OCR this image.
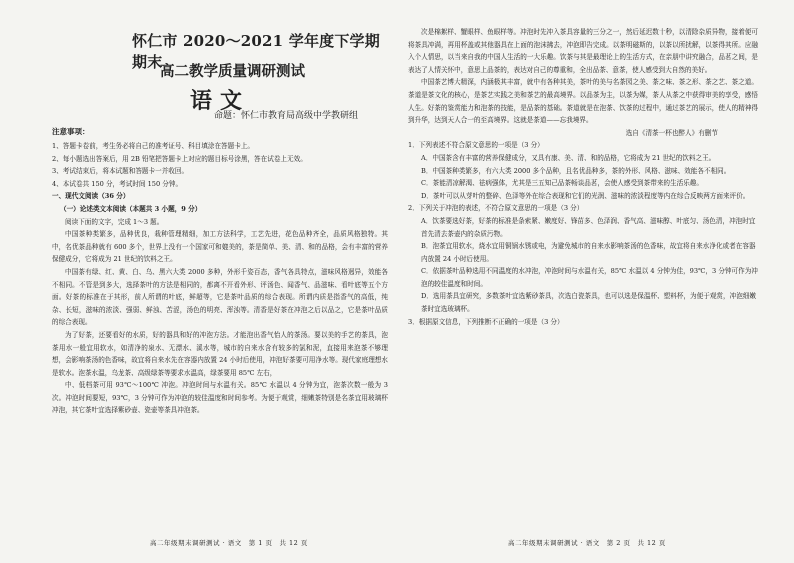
怀仁市 2020～2021 学年度下学期期末
高二教学质量调研测试
语文
命题：怀仁市教育局高级中学教研组
注意事项：

1、答题卡卷前，考生务必将自己的准考证号、科目填涂在答题卡上。

2、每小题选出答案后，用 2B 铅笔把答题卡上对应的题目标号涂黑，答在试卷上无效。

3、考试结束后，将本试题和答题卡一并收回。

4、本试卷共 150 分，考试时间 150 分钟。

一、现代文阅读（36 分）

（一）论述类文本阅读（本题共 3 小题，9 分）

阅读下面的文字，完成 1～3 题。

中国茶种类繁多，品种优良，栽种管理精细，加工方法科学，工艺先进，花色品种齐全，品质风格独特。其中，名优茶品种就有 600 多个，世界上没有一个国家可和媲美的，茶是简单、美、清、和的品格，会有丰富的营养保健成分，它将成为 21 世纪的饮料之王。

中国茶有绿、红、黄、白、乌、黑六大类 2000 多种，外形千姿百态，香气各具特点，滋味风格迥异，效能各不相同。不管是到多大，选择茶叶的方法是相同的，都离不开看外形、评汤色、闻香气、品滋味、看叶底等五个方面。好茶的标准在于其形，前人所谓的叶底，鲜超等，它是茶叶品质的综合表现。所谓内质是指香气的高低，纯杂、长短，滋味的浓淡、强弱、鲜浊、苦涩，汤色的明亮、浑浊等。清香是好茶在冲泡之后以品之，它是茶叶品质的综合表现。

为了好茶，还要看好的水质，好的器具和好的冲泡方法。才能泡出香气怡人的茶汤。要以美的手艺的茶具，泡茶用水一般宜用软水，如清净的泉水、无漂水、溪水等，城市的自来水含有较多的氯和泥，直接用来泡茶不够理想，会影响茶汤的色香味，故宜将自来水先在容器内放置 24 小时后使用，冲泡好茶要可用净水等。现代家庭理想水是软水。泡茶水温，乌龙茶、高级绿茶等要求水温高，绿茶要用 85℃ 左右，

中、低档茶可用 93℃～100℃ 冲泡。冲泡时间与水温有关。85℃ 水温以 4 分钟为宜，泡茶次数一般为 3 次。冲泡时间要短，93℃，3 分钟可作为冲泡的较佳温度和时间参考。为便于观赏，细嫩茶特别是名茶宜用玻璃杯冲泡，其它茶叶宜选择紫砂壶、瓷壶等茶具冲泡茶。

高二年级期末调研测试 · 语文　第 1 页　共 12 页

次是棉絮样、蟹眼样、鱼眼样等。冲泡时先冲入茶具容量的三分之一，然后延迟数十秒，以清除杂质异物，接着便可将茶具冲满，再用杯盖或其他器具在上面的泡沫拂去，冲泡即告完成。以茶明磁斯的，以茶以所扰解，以茶得其所。应融入个人情思，以当来自我的中国人生活的一大乐趣。饮茶与其是最理论上的生活方式，在亲朋中讲究融合，品茗之间，是表达了人情关怀中，意思上品茶的，表达对自己的尊重和，全出品茶、意茶，使人感受到大自然的美好。

中国茶艺博大精深，内涵极其丰富，就中有各种其美，茶叶的美与名茶园之美、茶之味、茶之形、茶之艺、茶之道。茶道是茶文化的核心，是茶艺实践之美和茶艺的最高境界。以品茶为主，以茶为媒，茶人从茶之中获得审美的享受，感悟人生。好茶的鉴赏能力和泡茶的技能，是品茶的基础。茶道就是在泡茶、饮茶的过程中，通过茶艺的展示，使人的精神得到升华，达到天人合一的至高境界。这就是茶道——忘我境界。

选自《清茶一杯也醉人》有删节

1．下列表述不符合原文意思的一项是（3 分）

A．中国茶含有丰富的营养保健成分，又具有康、美、清、和的品格，它将成为 21 世纪的饮料之王。

B．中国茶种类繁多，有六大类 2000 多个品种，且名优品种多，茶的外形、风格、滋味、效能各不相同。

C．茶能清凉解渴、祛病强体，尤其是三五知己品茶畅谈品茗，会使人感受到茶带来的生活乐趣。

D．茶叶可以从芽叶的整碎、色泽等外在综合表现和它们的光润、滋味的浓淡程度等内在综合反映两方面来评价。

2．下列关于冲泡的表述，不符合原文意思的一项是（3 分）

A．饮茶要选好茶，好茶的标准是条索紧、嫩度好、锋苗多、色泽润、香气高、滋味醇、叶底匀、汤色清，冲泡时宜首先清去茶壶内的杂质污物。

B．泡茶宜用软水，烧水宜用铜锅水锈或电，为避免城市的自来水影响茶汤的色香味，故宜将自来水净化或者在容器内放置 24 小时后使用。

C．依据茶叶品种选用不同温度的水冲泡，冲泡时间与水温有关，85℃ 水温以 4 分钟为佳，93℃，3 分钟可作为冲泡的较佳温度和时间。

D．选用茶具宜研究，多数茶叶宜选紫砂茶具，次选白瓷茶具，也可以选是保温杯、塑料杯，为便于观赏，冲泡细嫩茶时宜选玻璃杯。

3．根据原文信息，下列推断不正确的一项是（3 分）

高二年级期末调研测试 · 语文　第 2 页　共 12 页
